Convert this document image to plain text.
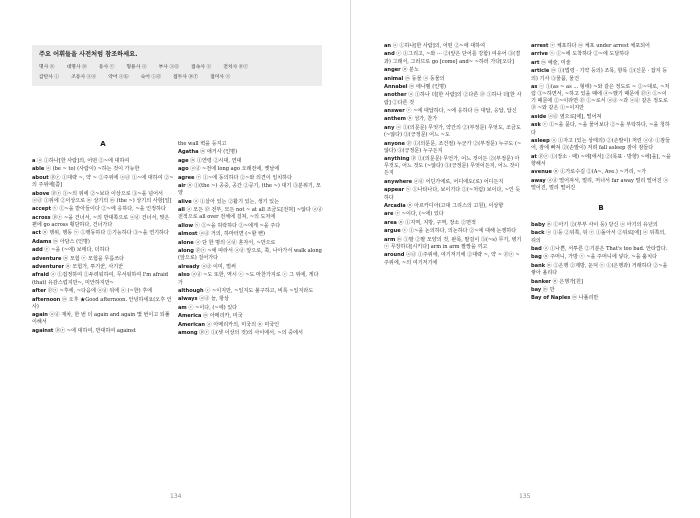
주요 어휘들을 사전처럼 참조하세요.
명사 ⓝ	대명사 ⓟ	동사 ⓥ	형용사 ⓐ	부사 ⓐⓓ	접속사 ⓒ	전치사 ⓟⓡ
감탄사 ⓘ	조동사 ⓐⓤ	약어 ⓐⓑ	숙어 ⓘⓓ	접두사 ⓟⓕ	접미사 ⓢ
A

a ⓐ ①하나[한 사람]의, 어떤 ②~에 대하여

able ⓐ (be ~ to) (사람이) ~하는 것이 가능한

about ⓟⓡ ①대략 ~, 약 ~ ②주위에 ⓐⓓ ①~에 대하여 ②~의 주위에[쯤]

above ⓟⓡ ①~의 위에 ②~보다 이상으로 ③~을 넘어서 ⓐⓓ ①위에 ②이상으로 ⓝ 상기의 ⓝ (the ~) 상기의 사항[일]

accept ⓥ ①~을 받아들이다 ②~에 응하다, ~을 인정하다

across ⓟⓡ ~을 건너서, ~의 반대쪽으로 ⓐⓓ 건너서, 맞은편에 go across 횡단하다, 건너가다

act ⓝ 행위, 행동 ⓥ ①행동하다 ②기능하다 ③~을 연기하다

Adams ⓝ 아담스 (인명)

add ⓥ ~을 (~에) 보태다, 더하다

adventure ⓝ 모험 ⓥ 모험을 무릅쓰다

adventurer ⓝ 모험가, 투기꾼, 사기꾼

afraid ⓐ ①겁정하여 ②두려워하여, 무서워하여 I'm afraid (that) 유감스럽지만~, 미안하지만~

after ⓟⓡ ~후에, ~다음에 ⓐⓓ 뒤에 ⓐ (~한) 후에

afternoon ⓝ 오후 ★Good afternoon. 안녕하세요(오후 인사)

again ⓐⓓ 재차, 한 번 더 again and again 몇 번이고 되풀이해서

against ⓟⓡ ~에 대하여, 반대하여 against

the wall 벽을 등지고

Agatha ⓝ 애거사 (인명)

age ⓝ ①연령 ②시대, 연대

ago ⓐⓓ ~전에 long ago 오래전에, 옛날에

agree ⓥ ①~에 동의하다 ②~와 의견이 일치하다

air ⓝ ①(the ~) 공중, 공간 ②공기, (the ~) 대기 ③분위기, 모양

alive ⓐ ①살아 있는 ②활기 있는, 생기 있는

all ⓐ 모든 ⓟ 전부, 모든 not ~ at all 조금도[전혀] ~않다 ⓐⓓ 전적으로 all over 전체에 걸쳐, ~의 도처에

allow ⓥ ①~을 허락하다 ②~에게 ~을 주다

almost ⓐⓓ 거의, 하마터면 (~할 뻔)

alone ⓐ 단 한 명의 ⓐⓓ 혼자서, ~만으로

along ⓟⓡ ~에 따라서 ⓐⓓ 앞으로, 쭉, 나아가서 walk along (앞으로) 걸어가다

already ⓐⓓ 이미, 벌써

also ⓐⓓ ~도 또한, 역시 ⓒ ~도 마찬가지로 ⓒ 그 위에, 게다가

although ⓒ ~이지만, ~일지도 불구하고, 비록 ~일지라도

always ⓐⓓ 늘, 항상

am ⓥ ~이다, (~에) 있다

America ⓝ 아메리카, 미국

American ⓐ 아메리카의, 미국의 ⓝ 미국인

among ⓟⓡ ①(셋 이상의 것)의 사이에서, ~의 중에서

134

an ⓐ ①하나[한 사람]의, 어떤 ②~에 대하여

and ⓒ ①그리고, ~와 ··· ②(앞은 단어를 강함) 여유어 ③(결과) 그래서, 그러므로 go [come] and~ ~하러 가다[오다]

anger ⓝ 분노

animal ⓝ 동물 ⓐ 동물의

Annabel ⓝ 애나벨 (인명)

another ⓐ ①하나 더[한 사람]의 ②다른 ⓟ ①하나 더[한 사람] ②다른 것

answer ⓥ ~에 대답하다, ~에 응하다 ⓝ 대답, 응답, 답신

anthem ⓝ 성가, 찬가

any ⓐ ①(의문문) 무엇가, 약간의 ②(부정문) 무엇도, 조금도 (~않다) ③(긍정문) 어느 ~도

anyone ⓟ ①(의문문, 조건절) 누군가 ②(부정문) 누구도 (~않다) ③(긍정문) 누구든지

anything ⓟ ①(의문문) 무언가, 어느 것이든 ②(부정문) 아무것도, 어느 것도 (~않다) ③(긍정문) 무엇이든지, 어느 것이든지

anywhere ⓐⓓ 어딘가에로, 어디에도(로) 어디든지

appear ⓥ ①나타나다, 보이기다 ②(~처럼) 보이다, ~인 듯하다

Arcadia ⓝ 아르카디아(고대 그리스의 고원), 이상향

are ⓥ ~이다, (~에) 있다

area ⓝ ①지역, 지방, 구역, 장소 ②면적

argue ⓥ ①~을 논의하다, 의논하다 ②~에 대해 논쟁하다

arm ⓝ ①팔 ②팔 모양의 것, 완목, 팔걸이 ③(~s) 무기, 병기 ⓥ 무장하다[시키다] arm in arm 팔짱을 끼고

around ⓐⓓ ①주위에, 여기저기에 ②대략 ~, 약 ~ ⓟⓡ ~주위에, ~의 여기저기에

arrest ⓥ 체포하다 ⓝ 체포 under arrest 체포되어

arrive ⓥ ①~에 도착하다 ②~에 도달하다

art ⓝ 예술, 미술

article ⓝ ①(법령 · 기약 등의) 조목, 항목 ②(신문 · 잡지 등의) 기사 ③물품, 물건

as ⓒ ①(as ~ as ... 형태) ~와 같은 정도로 ~ ②~대로, ~처럼 ③~하면서, ~하고 있을 때에 ④~했기 때문에 ⓟⓡ ①~이기 때문에 ②~이라면 ⓟ ①~로서 ⓐⓓ ~과 ⓐⓓ 같은 정도로 ⓟ ~와 같은 ①~이지만

aside ⓐⓓ 옆으로[에], 떨어져

ask ⓥ ①~을 묻다, ~을 물어보다 ②~을 부탁하다, ~을 청하다

asleep ⓐ ①자고 (있는 상태의) ②(손발이) 저린 ⓐⓓ ①잠들어, 잠에 빠져 ②(손발이) 저려 fall asleep 잠이 잠들다

at ⓟⓡ ①(장소 · 때) ~에[에서] ②(목표 · 방향) ~에[을], ~을 향해서

avenue ⓝ ①가로수길 ②(A~, Ave.) ~거리, ~가

away ⓐⓓ 떨어져서, 멀리, 저너서 far away 멀리 떨어진 ⓐ 떨어진, 멀리 떨어진

B

baby ⓝ ①아기 ②(부부 사이 등) 당신 ⓐ 아기의 유년의

back ⓐ ①등 ②뒤쪽, 뒤 ⓥ ①돌아서 ②뒤로[에] ⓐ 뒤쪽의, 뒤의

bad ⓐ ①나쁜, 서투른 ②기분은 That's too bad. 안타깝다.

bag ⓝ 주머니, 가방 ⓥ ~을 주머니에 넣다, ~을 훔치다

bank ⓝ ①은행 ②제방, 둔덕 ⓥ ①(은행과) 거래하다 ②~을 쌓아 올리다

banker ⓝ 은행가[원]

bay ⓝ 만

Bay of Naples ⓝ 나폴리만

135
